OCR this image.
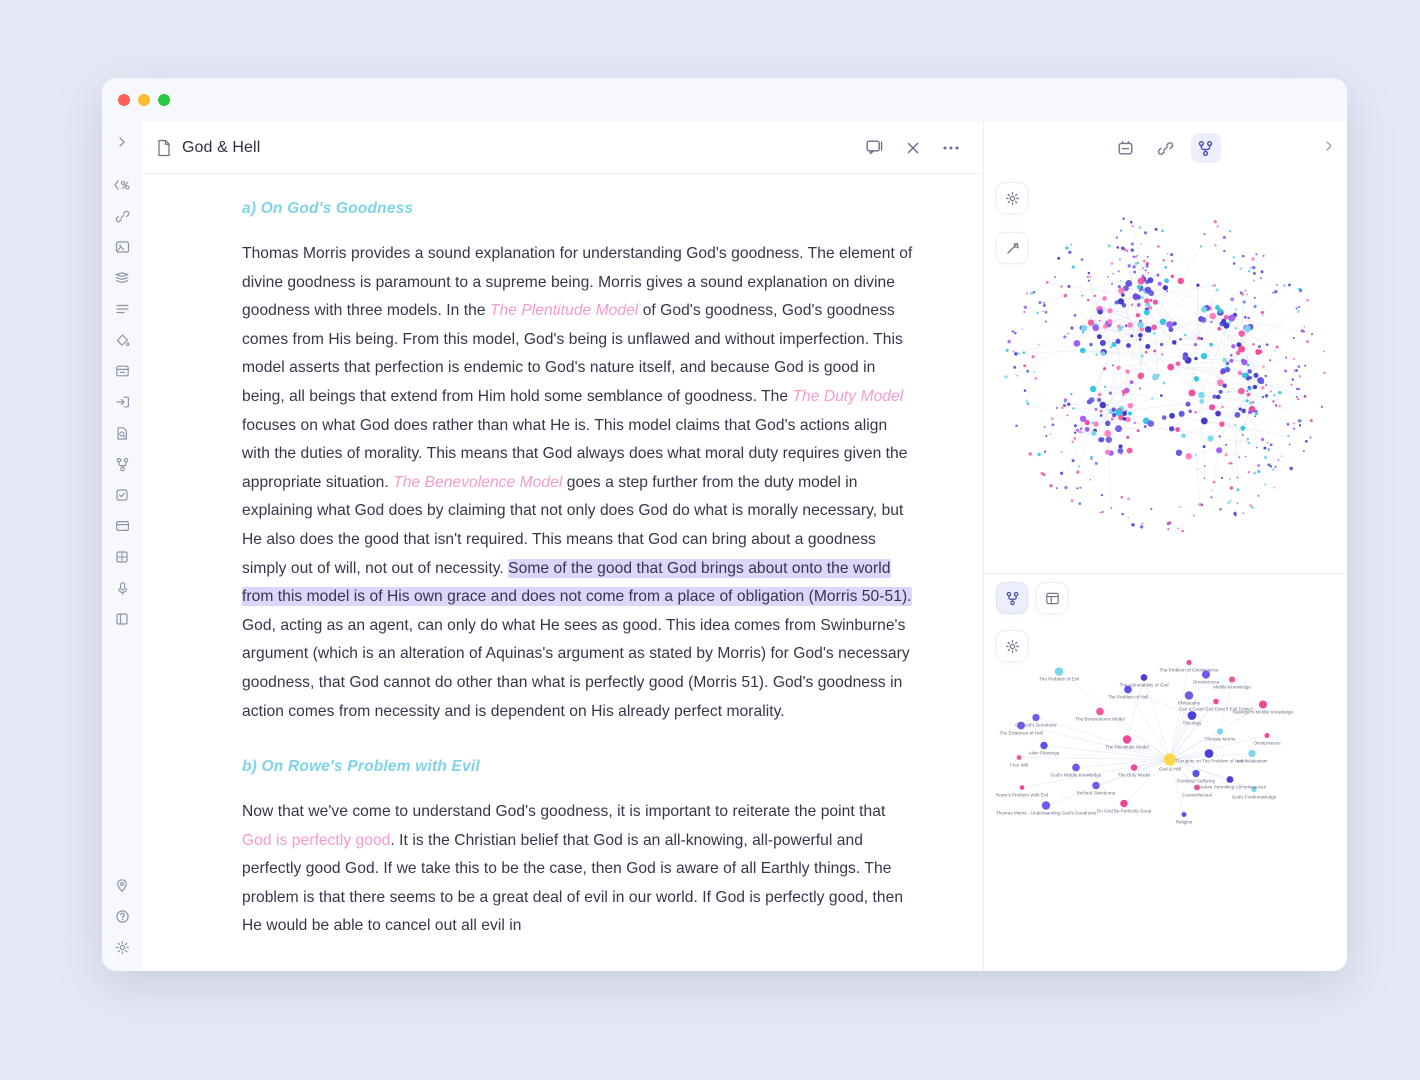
God & Hell
a) On God's Goodness

Thomas Morris provides a sound explanation for understanding God's goodness. The element of divine goodness is paramount to a supreme being. Morris gives a sound explanation on divine goodness with three models. In the The Plentitude Model of God's goodness, God's goodness comes from His being. From this model, God's being is unflawed and without imperfection. This model asserts that perfection is endemic to God's nature itself, and because God is good in being, all beings that extend from Him hold some semblance of goodness. The The Duty Model focuses on what God does rather than what He is. This model claims that God's actions align with the duties of morality. This means that God always does what moral duty requires given the appropriate situation. The Benevolence Model goes a step further from the duty model in explaining what God does by claiming that not only does God do what is morally necessary, but He also does the good that isn't required. This means that God can bring about a goodness simply out of will, not out of necessity. Some of the good that God brings about onto the world from this model is of His own grace and does not come from a place of obligation (Morris 50-51). God, acting as an agent, can only do what He sees as good. This idea comes from Swinburne's argument (which is an alteration of Aquinas's argument as stated by Morris) for God's necessary goodness, that God cannot do other than what is perfectly good (Morris 51). God's goodness in action comes from necessity and is dependent on His already perfect morality.

b) On Rowe's Problem with Evil

Now that we've come to understand God's goodness, it is important to reiterate the point that God is perfectly good. It is the Christian belief that God is an all-knowing, all-powerful and perfectly good God. If we take this to be the case, then God is aware of all Earthly things. The problem is that there seems to be a great deal of evil in our world. If God is perfectly good, then He would be able to cancel out all evil in

The Problem of Omniscience
Omniscience
The Vulnerability of God	Middle Knowledge
The Problem of Evil
Philosophy
Can a Good God Exist if Evil Exists?
The Problem of Hell
Basinger's Middle Knowledge
On God's Goodness	Theology
The Benevolence Model
Thomas Morris
The Existence of Hell
Omnipotence
Alvin Plantinga
The Plentitude Model
God & Hell
Thoughts on The Problem of Hell
Free Will
Annihilationism
God's Middle Knowledge	The Duty Model
Pointless Suffering
Rowe's Problem With Evil	Richard Swinburne
Freedom Permitting Circumstances
Counterfactual	God's Foreknowledge
Thomas Morris - Understanding God's Goodness Do God Be Perfectly Good
Religion
